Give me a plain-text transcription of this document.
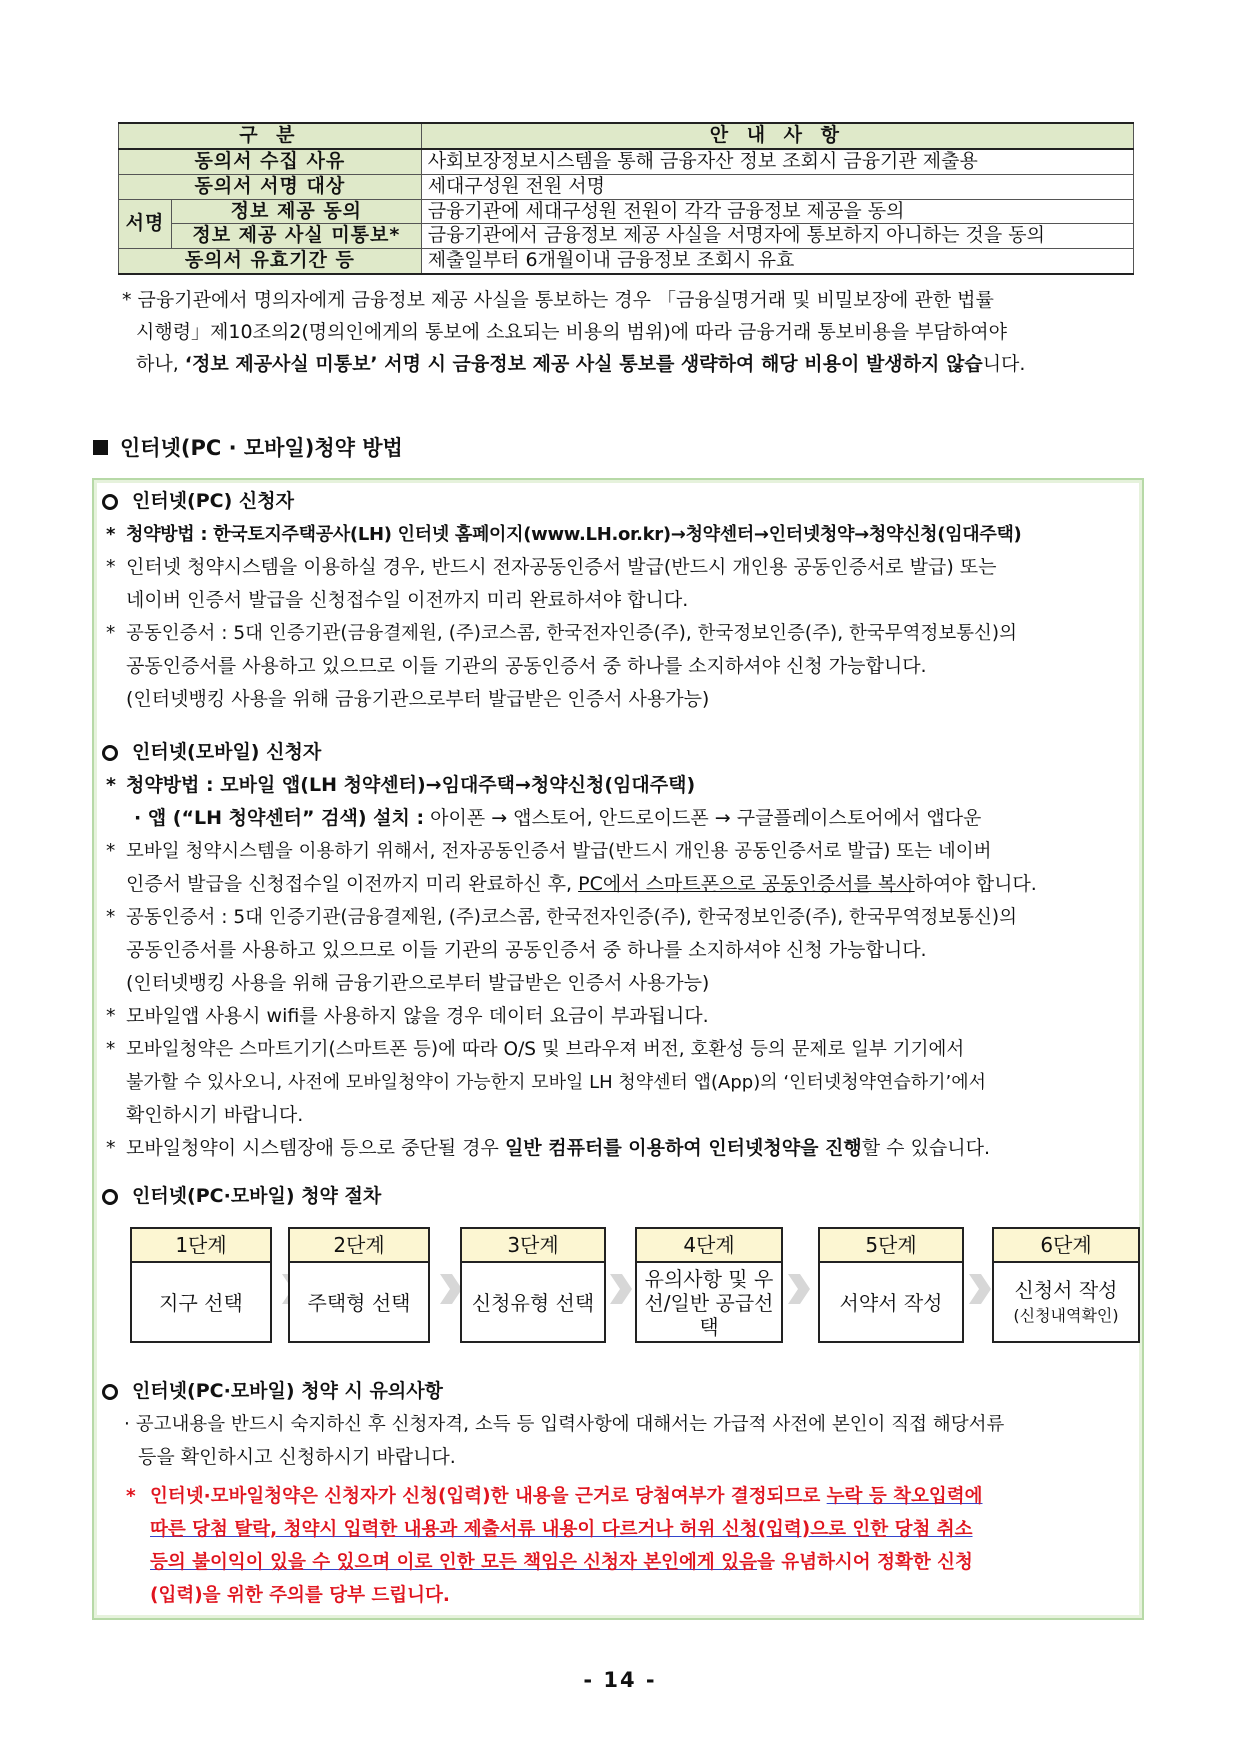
구 분		안 내 사 항
동의서 수집 사유		사회보장정보시스템을 통해 금융자산 정보 조회시 금융기관 제출용
동의서 서명 대상		세대구성원 전원 서명
서명	정보 제공 동의	금융기관에 세대구성원 전원이 각각 금융정보 제공을 동의
	정보 제공 사실 미통보*	금융기관에서 금융정보 제공 사실을 서명자에 통보하지 아니하는 것을 동의
동의서 유효기간 등		제출일부터 6개월이내 금융정보 조회시 유효
* 금융기관에서 명의자에게 금융정보 제공 사실을 통보하는 경우 「금융실명거래 및 비밀보장에 관한 법률
시행령」제10조의2(명의인에게의 통보에 소요되는 비용의 범위)에 따라 금융거래 통보비용을 부담하여야
하나, ‘정보 제공사실 미통보’ 서명 시 금융정보 제공 사실 통보를 생략하여 해당 비용이 발생하지 않습니다.
인터넷(PC · 모바일)청약 방법
인터넷(PC) 신청자
* 청약방법 : 한국토지주택공사(LH) 인터넷 홈페이지(www.LH.or.kr)→청약센터→인터넷청약→청약신청(임대주택)
* 인터넷 청약시스템을 이용하실 경우, 반드시 전자공동인증서 발급(반드시 개인용 공동인증서로 발급) 또는
네이버 인증서 발급을 신청접수일 이전까지 미리 완료하셔야 합니다.
* 공동인증서 : 5대 인증기관(금융결제원, (주)코스콤, 한국전자인증(주), 한국정보인증(주), 한국무역정보통신)의
공동인증서를 사용하고 있으므로 이들 기관의 공동인증서 중 하나를 소지하셔야 신청 가능합니다.
(인터넷뱅킹 사용을 위해 금융기관으로부터 발급받은 인증서 사용가능)
인터넷(모바일) 신청자
* 청약방법 : 모바일 앱(LH 청약센터)→임대주택→청약신청(임대주택)
· 앱 (“LH 청약센터” 검색) 설치 : 아이폰 → 앱스토어, 안드로이드폰 → 구글플레이스토어에서 앱다운
* 모바일 청약시스템을 이용하기 위해서, 전자공동인증서 발급(반드시 개인용 공동인증서로 발급) 또는 네이버
인증서 발급을 신청접수일 이전까지 미리 완료하신 후, PC에서 스마트폰으로 공동인증서를 복사하여야 합니다.
* 공동인증서 : 5대 인증기관(금융결제원, (주)코스콤, 한국전자인증(주), 한국정보인증(주), 한국무역정보통신)의
공동인증서를 사용하고 있으므로 이들 기관의 공동인증서 중 하나를 소지하셔야 신청 가능합니다.
(인터넷뱅킹 사용을 위해 금융기관으로부터 발급받은 인증서 사용가능)
* 모바일앱 사용시 wifi를 사용하지 않을 경우 데이터 요금이 부과됩니다.
* 모바일청약은 스마트기기(스마트폰 등)에 따라 O/S 및 브라우져 버전, 호환성 등의 문제로 일부 기기에서
불가할 수 있사오니, 사전에 모바일청약이 가능한지 모바일 LH 청약센터 앱(App)의 ‘인터넷청약연습하기’에서
확인하시기 바랍니다.
* 모바일청약이 시스템장애 등으로 중단될 경우 일반 컴퓨터를 이용하여 인터넷청약을 진행할 수 있습니다.
인터넷(PC·모바일) 청약 절차
1단계
지구 선택
2단계
주택형 선택
3단계
신청유형 선택
4단계
유의사항 및 우선/일반 공급선택
5단계
서약서 작성
6단계
신청서 작성
(신청내역확인)
인터넷(PC·모바일) 청약 시 유의사항
· 공고내용을 반드시 숙지하신 후 신청자격, 소득 등 입력사항에 대해서는 가급적 사전에 본인이 직접 해당서류
등을 확인하시고 신청하시기 바랍니다.
* 인터넷·모바일청약은 신청자가 신청(입력)한 내용을 근거로 당첨여부가 결정되므로 누락 등 착오입력에
따른 당첨 탈락, 청약시 입력한 내용과 제출서류 내용이 다르거나 허위 신청(입력)으로 인한 당첨 취소
등의 불이익이 있을 수 있으며 이로 인한 모든 책임은 신청자 본인에게 있음을 유념하시어 정확한 신청
(입력)을 위한 주의를 당부 드립니다.
- 14 -
